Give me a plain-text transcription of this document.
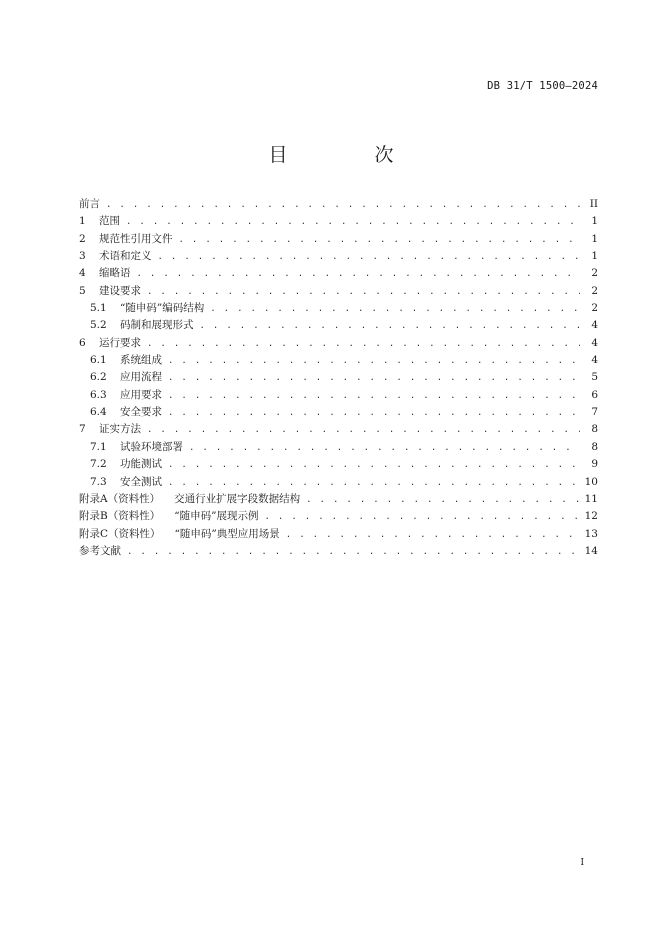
DB 31/T 1500—2024
目　次
前言 . . .	II
1	范围 . . .	1
2	规范性引用文件 . . .	1
3	术语和定义 . . .	1
4	缩略语 . . .	2
5	建设要求 . . .	2
5.1	“随申码”编码结构 . . .	2
5.2	码制和展现形式 . . .	4
6	运行要求 . . .	4
6.1	系统组成 . . .	4
6.2	应用流程 . . .	5
6.3	应用要求 . . .	6
6.4	安全要求 . . .	7
7	证实方法 . . .	8
7.1	试验环境部署 . . .	8
7.2	功能测试 . . .	9
7.3	安全测试 . . .	10
附录A（资料性）	交通行业扩展字段数据结构 . . .	11
附录B（资料性）	“随申码”展现示例 . . .	12
附录C（资料性）	“随申码”典型应用场景 . . .	13
参考文献 . . .	14
I
